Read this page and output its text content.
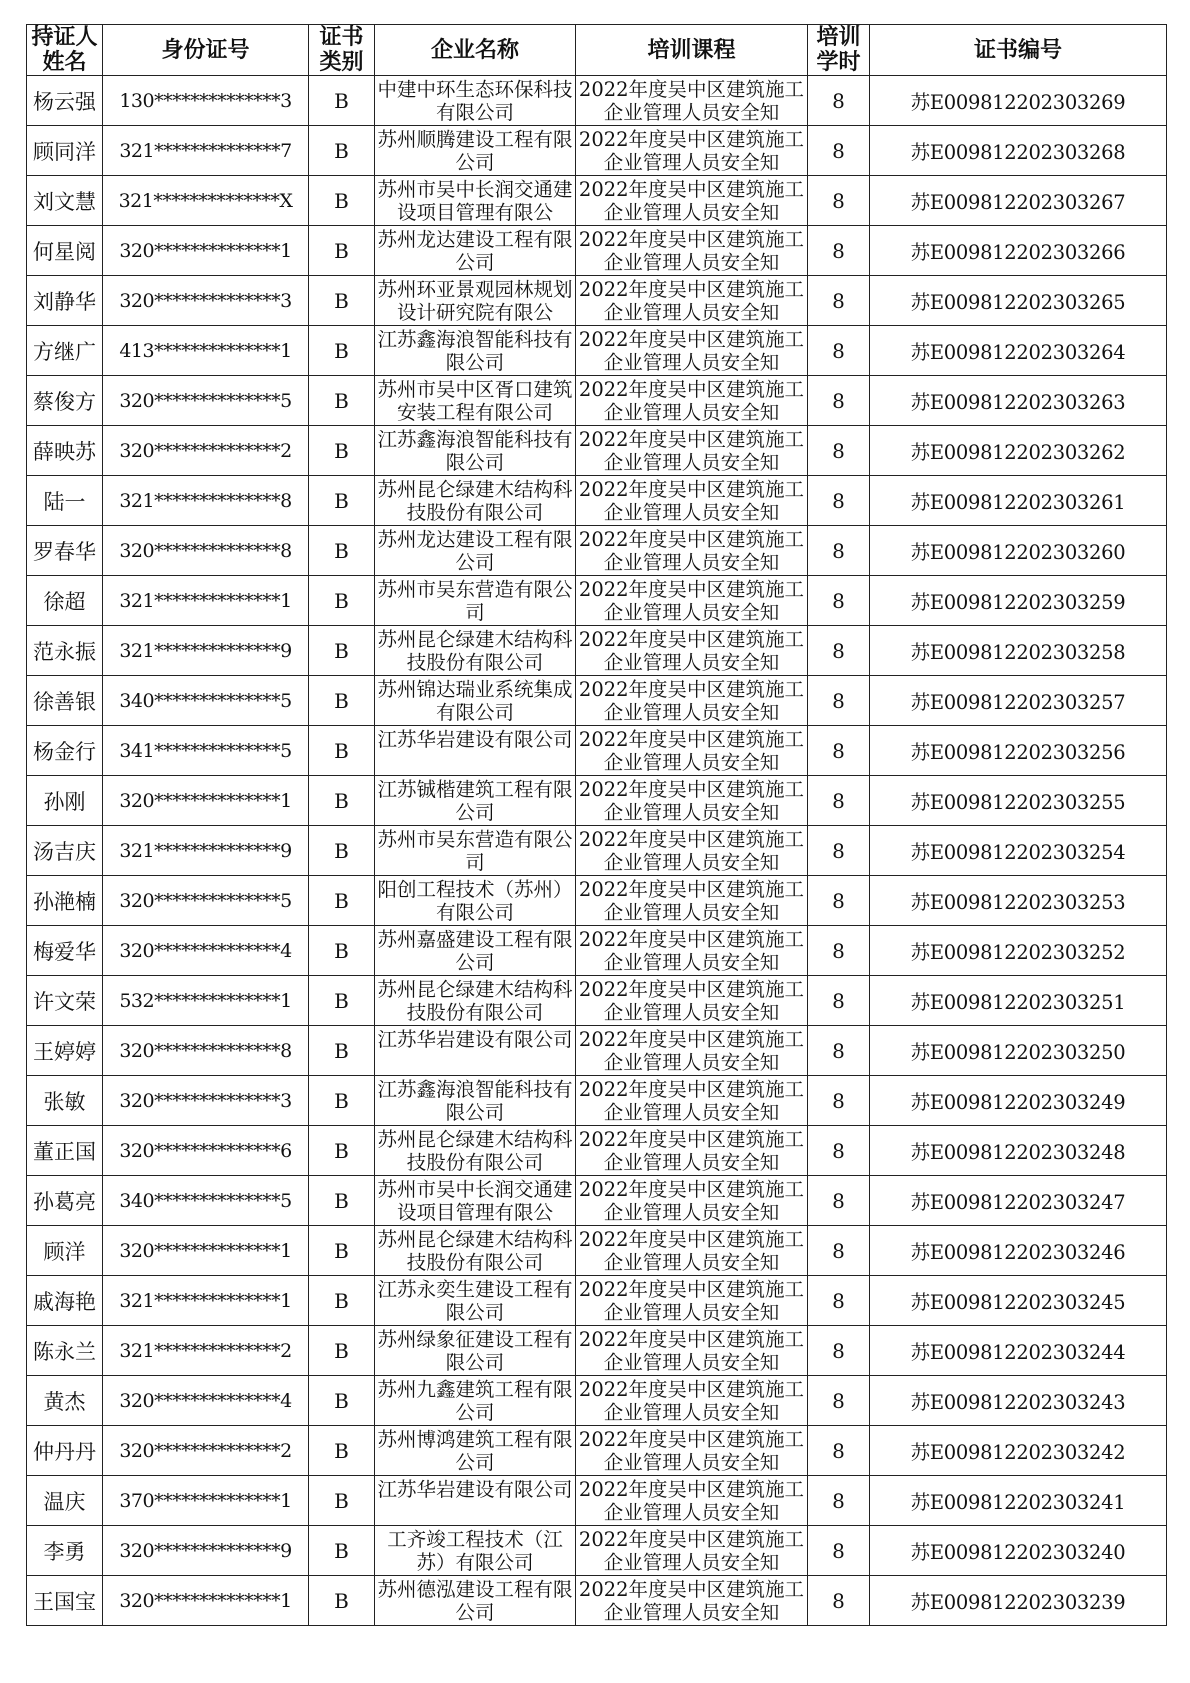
持证人姓名	身份证号	证书类别	企业名称	培训课程	培训学时	证书编号
杨云强	130**************3	B	中建中环生态环保科技有限公司	2022年度吴中区建筑施工企业管理人员安全知	8	苏E009812202303269
顾同洋	321**************7	B	苏州顺腾建设工程有限公司	2022年度吴中区建筑施工企业管理人员安全知	8	苏E009812202303268
刘文慧	321**************X	B	苏州市吴中长润交通建设项目管理有限公	2022年度吴中区建筑施工企业管理人员安全知	8	苏E009812202303267
何星阅	320**************1	B	苏州龙达建设工程有限公司	2022年度吴中区建筑施工企业管理人员安全知	8	苏E009812202303266
刘静华	320**************3	B	苏州环亚景观园林规划设计研究院有限公	2022年度吴中区建筑施工企业管理人员安全知	8	苏E009812202303265
方继广	413**************1	B	江苏鑫海浪智能科技有限公司	2022年度吴中区建筑施工企业管理人员安全知	8	苏E009812202303264
蔡俊方	320**************5	B	苏州市吴中区胥口建筑安装工程有限公司	2022年度吴中区建筑施工企业管理人员安全知	8	苏E009812202303263
薛映苏	320**************2	B	江苏鑫海浪智能科技有限公司	2022年度吴中区建筑施工企业管理人员安全知	8	苏E009812202303262
陆一	321**************8	B	苏州昆仑绿建木结构科技股份有限公司	2022年度吴中区建筑施工企业管理人员安全知	8	苏E009812202303261
罗春华	320**************8	B	苏州龙达建设工程有限公司	2022年度吴中区建筑施工企业管理人员安全知	8	苏E009812202303260
徐超	321**************1	B	苏州市吴东营造有限公司	2022年度吴中区建筑施工企业管理人员安全知	8	苏E009812202303259
范永振	321**************9	B	苏州昆仑绿建木结构科技股份有限公司	2022年度吴中区建筑施工企业管理人员安全知	8	苏E009812202303258
徐善银	340**************5	B	苏州锦达瑞业系统集成有限公司	2022年度吴中区建筑施工企业管理人员安全知	8	苏E009812202303257
杨金行	341**************5	B	江苏华岩建设有限公司	2022年度吴中区建筑施工企业管理人员安全知	8	苏E009812202303256
孙刚	320**************1	B	江苏铖楷建筑工程有限公司	2022年度吴中区建筑施工企业管理人员安全知	8	苏E009812202303255
汤吉庆	321**************9	B	苏州市吴东营造有限公司	2022年度吴中区建筑施工企业管理人员安全知	8	苏E009812202303254
孙滟楠	320**************5	B	阳创工程技术（苏州）有限公司	2022年度吴中区建筑施工企业管理人员安全知	8	苏E009812202303253
梅爱华	320**************4	B	苏州嘉盛建设工程有限公司	2022年度吴中区建筑施工企业管理人员安全知	8	苏E009812202303252
许文荣	532**************1	B	苏州昆仑绿建木结构科技股份有限公司	2022年度吴中区建筑施工企业管理人员安全知	8	苏E009812202303251
王婷婷	320**************8	B	江苏华岩建设有限公司	2022年度吴中区建筑施工企业管理人员安全知	8	苏E009812202303250
张敏	320**************3	B	江苏鑫海浪智能科技有限公司	2022年度吴中区建筑施工企业管理人员安全知	8	苏E009812202303249
董正国	320**************6	B	苏州昆仑绿建木结构科技股份有限公司	2022年度吴中区建筑施工企业管理人员安全知	8	苏E009812202303248
孙葛亮	340**************5	B	苏州市吴中长润交通建设项目管理有限公	2022年度吴中区建筑施工企业管理人员安全知	8	苏E009812202303247
顾洋	320**************1	B	苏州昆仑绿建木结构科技股份有限公司	2022年度吴中区建筑施工企业管理人员安全知	8	苏E009812202303246
戚海艳	321**************1	B	江苏永奕生建设工程有限公司	2022年度吴中区建筑施工企业管理人员安全知	8	苏E009812202303245
陈永兰	321**************2	B	苏州绿象征建设工程有限公司	2022年度吴中区建筑施工企业管理人员安全知	8	苏E009812202303244
黄杰	320**************4	B	苏州九鑫建筑工程有限公司	2022年度吴中区建筑施工企业管理人员安全知	8	苏E009812202303243
仲丹丹	320**************2	B	苏州博鸿建筑工程有限公司	2022年度吴中区建筑施工企业管理人员安全知	8	苏E009812202303242
温庆	370**************1	B	江苏华岩建设有限公司	2022年度吴中区建筑施工企业管理人员安全知	8	苏E009812202303241
李勇	320**************9	B	工齐竣工程技术（江苏）有限公司	2022年度吴中区建筑施工企业管理人员安全知	8	苏E009812202303240
王国宝	320**************1	B	苏州德泓建设工程有限公司	2022年度吴中区建筑施工企业管理人员安全知	8	苏E009812202303239
